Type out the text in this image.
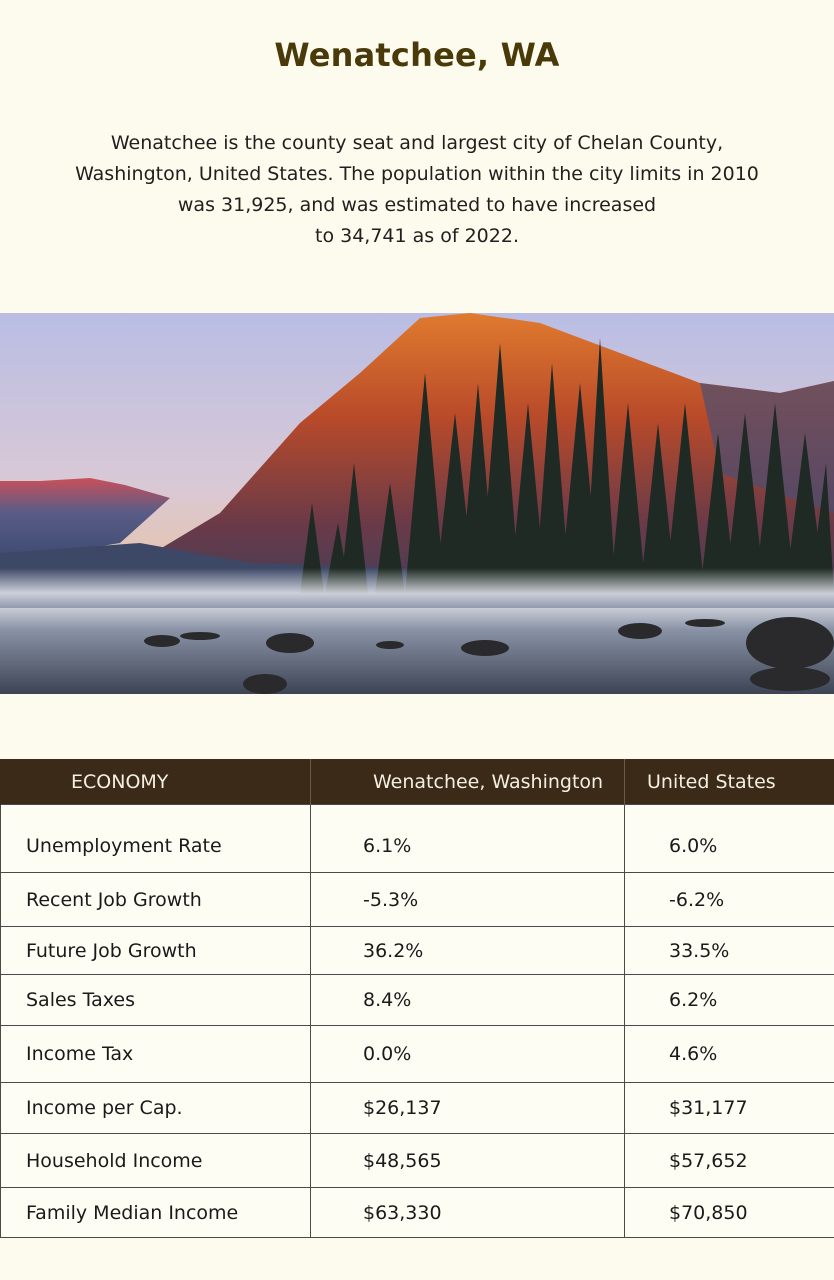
Wenatchee, WA

Wenatchee is the county seat and largest city of Chelan County,
Washington, United States. The population within the city limits in 2010
was 31,925, and was estimated to have increased
to 34,741 as of 2022.

ECONOMY	Wenatchee, Washington	United States
Unemployment Rate	6.1%	6.0%
Recent Job Growth	-5.3%	-6.2%
Future Job Growth	36.2%	33.5%
Sales Taxes	8.4%	6.2%
Income Tax	0.0%	4.6%
Income per Cap.	$26,137	$31,177
Household Income	$48,565	$57,652
Family Median Income	$63,330	$70,850
